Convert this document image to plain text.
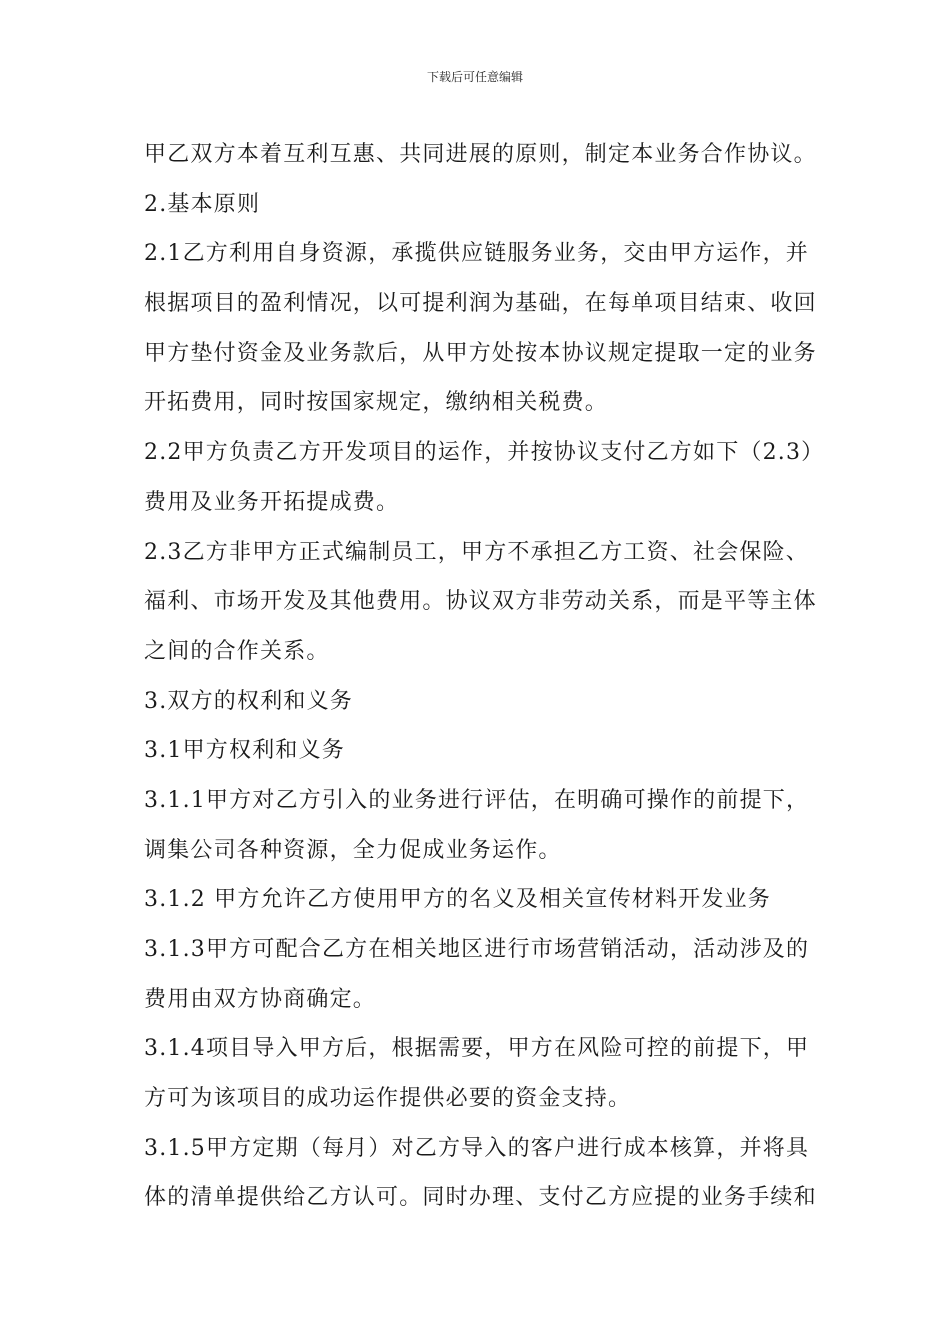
下载后可任意编辑
甲乙双方本着互利互惠、共同进展的原则，制定本业务合作协议。
2.基本原则
2.1乙方利用自身资源，承揽供应链服务业务，交由甲方运作，并
根据项目的盈利情况，以可提利润为基础，在每单项目结束、收回
甲方垫付资金及业务款后，从甲方处按本协议规定提取一定的业务
开拓费用，同时按国家规定，缴纳相关税费。
2.2甲方负责乙方开发项目的运作，并按协议支付乙方如下（2.3）
费用及业务开拓提成费。
2.3乙方非甲方正式编制员工，甲方不承担乙方工资、社会保险、
福利、市场开发及其他费用。协议双方非劳动关系，而是平等主体
之间的合作关系。
3.双方的权利和义务
3.1甲方权利和义务
3.1.1甲方对乙方引入的业务进行评估，在明确可操作的前提下，
调集公司各种资源，全力促成业务运作。
3.1.2 甲方允许乙方使用甲方的名义及相关宣传材料开发业务
3.1.3甲方可配合乙方在相关地区进行市场营销活动，活动涉及的
费用由双方协商确定。
3.1.4项目导入甲方后，根据需要，甲方在风险可控的前提下，甲
方可为该项目的成功运作提供必要的资金支持。
3.1.5甲方定期（每月）对乙方导入的客户进行成本核算，并将具
体的清单提供给乙方认可。同时办理、支付乙方应提的业务手续和
